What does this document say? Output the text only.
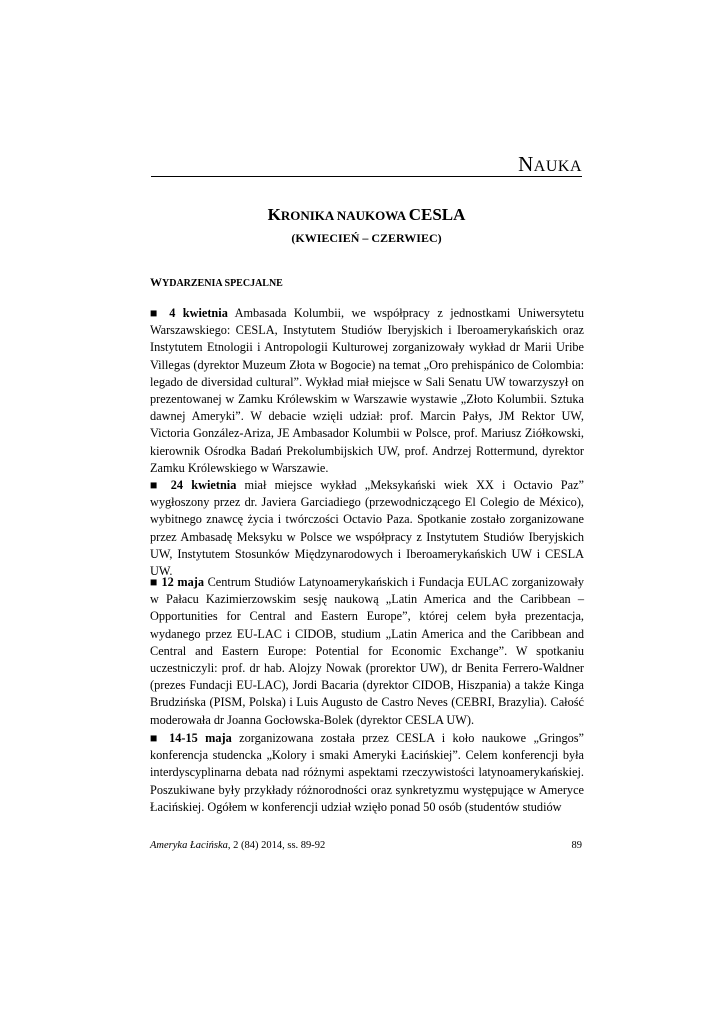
NAUKA
KRONIKA NAUKOWA CESLA
(KWIECIEŃ – CZERWIEC)
WYDARZENIA SPECJALNE

■ 4 kwietnia Ambasada Kolumbii, we współpracy z jednostkami Uniwersytetu Warszawskiego: CESLA, Instytutem Studiów Iberyjskich i Iberoamerykańskich oraz Instytutem Etnologii i Antropologii Kulturowej zorganizowały wykład dr Marii Uribe Villegas (dyrektor Muzeum Złota w Bogocie) na temat „Oro prehispánico de Colombia: legado de diversidad cultural”. Wykład miał miejsce w Sali Senatu UW towarzyszył on prezentowanej w Zamku Królewskim w Warszawie wystawie „Złoto Kolumbii. Sztuka dawnej Ameryki”. W debacie wzięli udział: prof. Marcin Pałys, JM Rektor UW, Victoria González-Ariza, JE Ambasador Kolumbii w Polsce, prof. Mariusz Ziółkowski, kierownik Ośrodka Badań Prekolumbijskich UW, prof. Andrzej Rottermund, dyrektor Zamku Królewskiego w Warszawie.

■ 24 kwietnia miał miejsce wykład „Meksykański wiek XX i Octavio Paz” wygłoszony przez dr. Javiera Garciadiego (przewodniczącego El Colegio de México), wybitnego znawcę życia i twórczości Octavio Paza. Spotkanie zostało zorganizowane przez Ambasadę Meksyku w Polsce we współpracy z Instytutem Studiów Iberyjskich UW, Instytutem Stosunków Międzynarodowych i Iberoamerykańskich UW i CESLA UW.

■ 12 maja Centrum Studiów Latynoamerykańskich i Fundacja EULAC zorganizowały w Pałacu Kazimierzowskim sesję naukową „Latin America and the Caribbean – Opportunities for Central and Eastern Europe”, której celem była prezentacja, wydanego przez EU-LAC i CIDOB, studium „Latin America and the Caribbean and Central and Eastern Europe: Potential for Economic Exchange”. W spotkaniu uczestniczyli: prof. dr hab. Alojzy Nowak (prorektor UW), dr Benita Ferrero-Waldner (prezes Fundacji EU-LAC), Jordi Bacaria (dyrektor CIDOB, Hiszpania) a także Kinga Brudzińska (PISM, Polska) i Luis Augusto de Castro Neves (CEBRI, Brazylia). Całość moderowała dr Joanna Gocłowska-Bolek (dyrektor CESLA UW).

■ 14-15 maja zorganizowana została przez CESLA i koło naukowe „Gringos” konferencja studencka „Kolory i smaki Ameryki Łacińskiej”. Celem konferencji była interdyscyplinarna debata nad różnymi aspektami rzeczywistości latynoamerykańskiej. Poszukiwane były przykłady różnorodności oraz synkretyzmu występujące w Ameryce Łacińskiej. Ogółem w konferencji udział wzięło ponad 50 osób (studentów studiów

Ameryka Łacińska, 2 (84) 2014, ss. 89-92	89
